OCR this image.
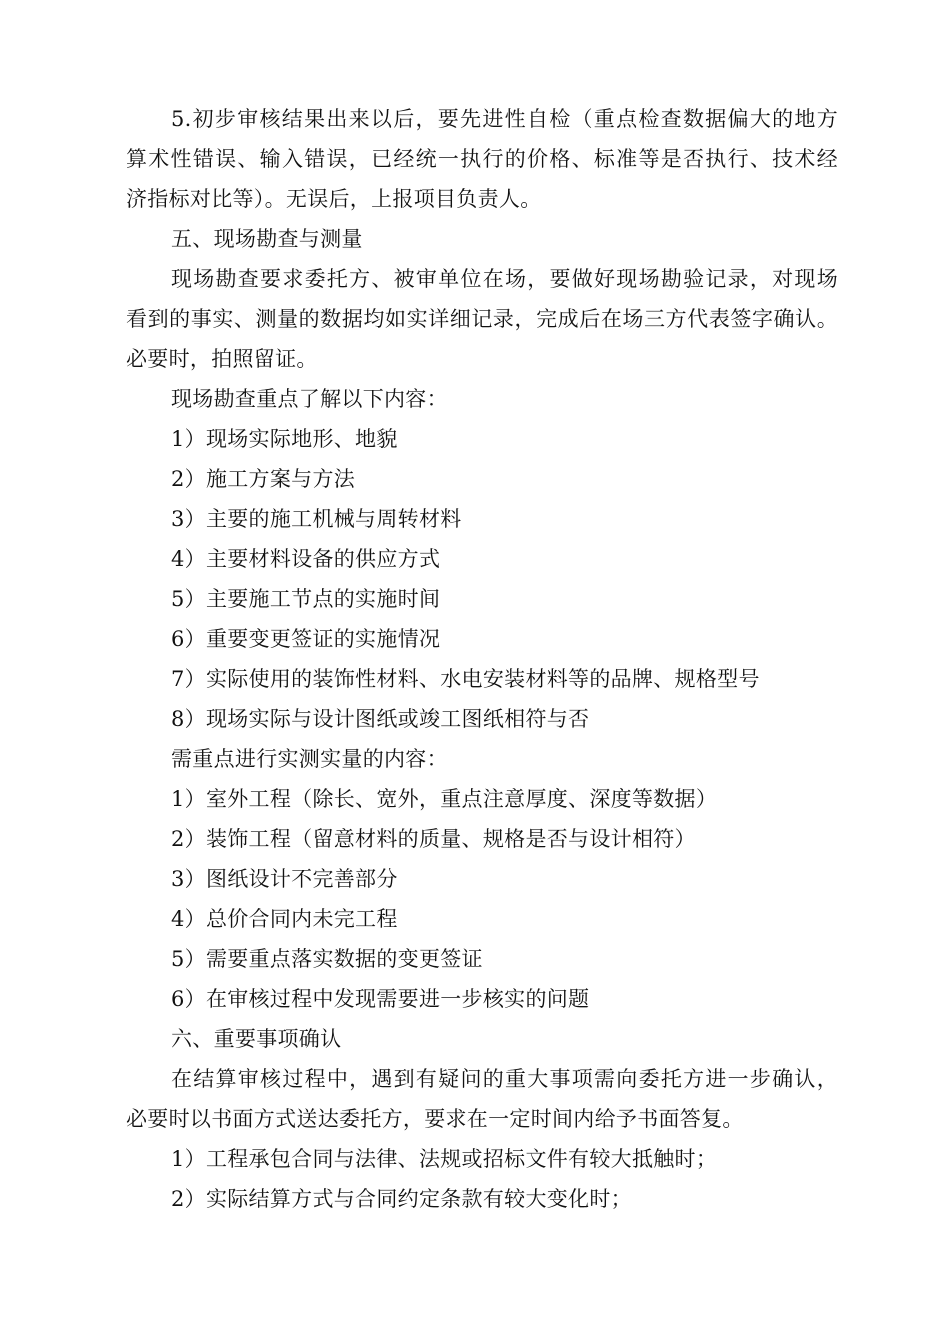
5.初步审核结果出来以后，要先进性自检（重点检查数据偏大的地方
算术性错误、输入错误，已经统一执行的价格、标准等是否执行、技术经
济指标对比等）。无误后，上报项目负责人。
五、现场勘查与测量
现场勘查要求委托方、被审单位在场，要做好现场勘验记录，对现场
看到的事实、测量的数据均如实详细记录，完成后在场三方代表签字确认。
必要时，拍照留证。
现场勘查重点了解以下内容：
1）现场实际地形、地貌
2）施工方案与方法
3）主要的施工机械与周转材料
4）主要材料设备的供应方式
5）主要施工节点的实施时间
6）重要变更签证的实施情况
7）实际使用的装饰性材料、水电安装材料等的品牌、规格型号
8）现场实际与设计图纸或竣工图纸相符与否
需重点进行实测实量的内容：
1）室外工程（除长、宽外，重点注意厚度、深度等数据）
2）装饰工程（留意材料的质量、规格是否与设计相符）
3）图纸设计不完善部分
4）总价合同内未完工程
5）需要重点落实数据的变更签证
6）在审核过程中发现需要进一步核实的问题
六、重要事项确认
在结算审核过程中，遇到有疑问的重大事项需向委托方进一步确认，
必要时以书面方式送达委托方，要求在一定时间内给予书面答复。
1）工程承包合同与法律、法规或招标文件有较大抵触时；
2）实际结算方式与合同约定条款有较大变化时；
